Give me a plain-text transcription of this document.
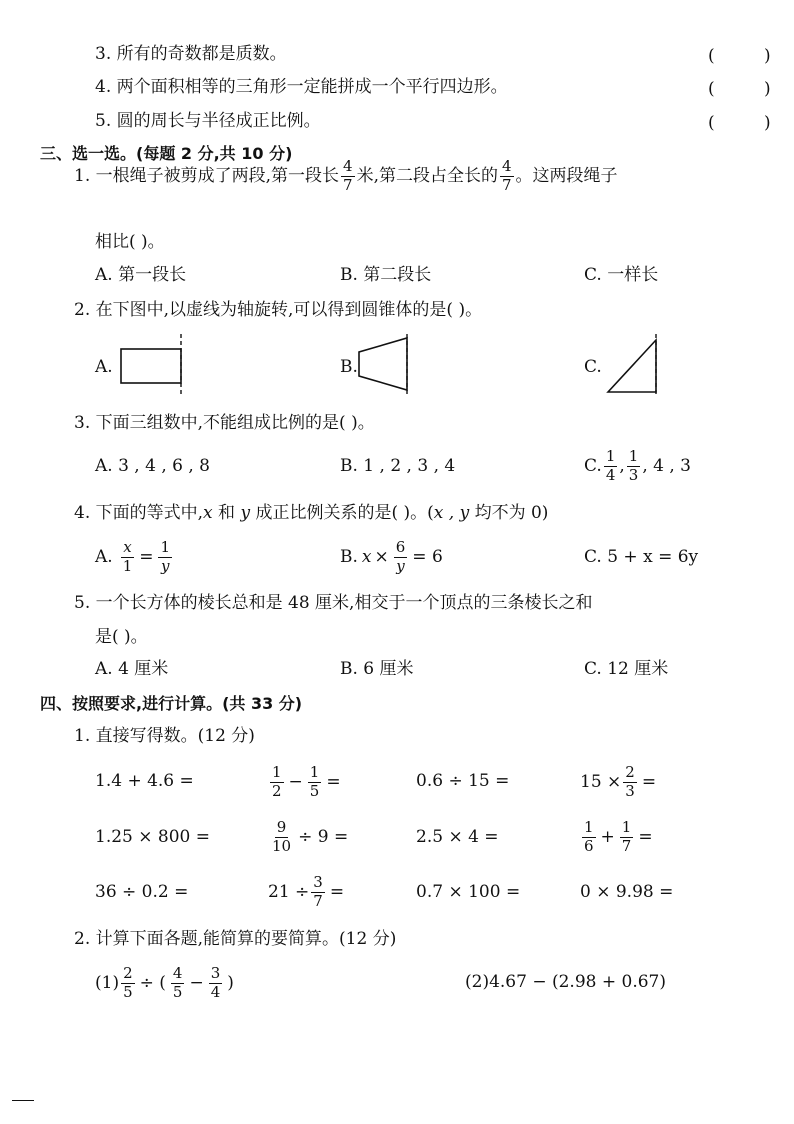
3. 所有的奇数都是质数。	(	)
4. 两个面积相等的三角形一定能拼成一个平行四边形。	(	)
5. 圆的周长与半径成正比例。	(	)
三、选一选。(每题 2 分,共 10 分)
1. 一根绳子被剪成了两段,第一段长 $\frac{4}{7}$ 米,第二段占全长的 $\frac{4}{7}$ 。这两段绳子
相比( )。
A. 第一段长	B. 第二段长	C. 一样长
2. 在下图中,以虚线为轴旋转,可以得到圆锥体的是( )。
A.	B.	C.
3. 下面三组数中,不能组成比例的是( )。
A. 3 , 4 , 6 , 8	B. 1 , 2 , 3 , 4	C. $\frac{1}{4}$ , $\frac{1}{3}$ , 4 , 3
4. 下面的等式中,x 和 y 成正比例关系的是( )。(x , y 均不为 0)
A. $\frac{x}{1} = \frac{1}{y}$	B. $x \times \frac{6}{y} = 6$	C. 5 + x = 6y
5. 一个长方体的棱长总和是 48 厘米,相交于一个顶点的三条棱长之和
是( )。
A. 4 厘米	B. 6 厘米	C. 12 厘米
四、按照要求,进行计算。(共 33 分)
1. 直接写得数。(12 分)
1.4 + 4.6 =	$\frac{1}{2} - \frac{1}{5}$ =	0.6 ÷ 15 =	$15 \times \frac{2}{3}$ =
1.25 × 800 =	$\frac{9}{10} \div 9$ =	2.5 × 4 =	$\frac{1}{6} + \frac{1}{7}$ =
36 ÷ 0.2 =	$21 \div \frac{3}{7}$ =	0.7 × 100 =	0 × 9.98 =
2. 计算下面各题,能简算的要简算。(12 分)
$(1) \frac{2}{5}$ ÷ ( $\frac{4}{5} - \frac{3}{4}$ )	(2)4.67 − (2.98 + 0.67)
